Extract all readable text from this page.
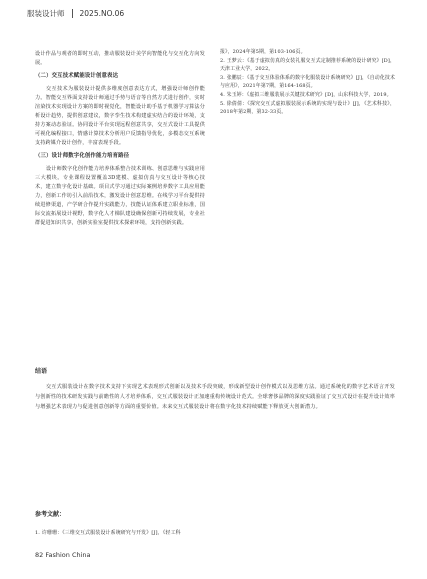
服装设计师 2025.NO.06

设计作品与观者的即时互动，推动服装设计美学向智能化与交互化方向发展。

（二）交互技术赋能设计创意表达

交互技术为服装设计提供多维度创意表达方式，增强设计师创作能力。智能交互界面支持设计师通过手势与语音等自然方式进行创作，实时渲染技术实现设计方案的即时视觉化，智能设计助手基于机器学习算法分析设计趋势，提供创意建议，数字孪生技术构建虚实结合的设计环境，支持方案动态验证。协同设计平台实现远程创意共享，交互式设计工具提供可视化编程接口，情感计算技术分析用户反馈指导优化，多模态交互系统支持跨媒介设计创作，丰富表现手段。

（三）设计师数字化创作能力培育路径

设计师数字化创作能力培养体系整合技术训练、创意思维与实践应用三大模块。专业课程设置覆盖3D建模、虚拟仿真与交互设计等核心技术，建立数字化设计基础。项目式学习通过实际案例培养数字工具应用能力，创新工作坊引入前沿技术，激发设计创意思维。在线学习平台提供持续进修渠道，产学研合作提升实践能力，技能认证体系建立职业标准，国际交流拓展设计视野，数字化人才梯队建设确保创新可持续发展，专业社群促进知识共享，创新实验室提供技术探索环境，支持创新实践。

报》，2024年第5期，第103-106页。

2. 王梦云：《基于虚拟仿真的女装礼服交互式定制推荐系统的设计研究》[D]，天津工业大学，2022。

3. 张鹏辰：《基于交互体验体系的数字化服装设计系统研究》[J]，《自动化技术与应用》，2021年第7期，第164-168页。

4. 朱玉婷：《虚拟三维服装展示关键技术研究》[D]，山东科技大学，2019。

5. 徐倩倩：《探究交互式虚拟服装展示系统的实现与设计》[J]，《艺术科技》，2018年第2期，第32-33页。

结语

交互式服装设计在数字技术支持下实现艺术表现形式创新以及技术手段突破，形成新型设计创作模式以及思维方法。通过系统化的数字艺术语言开发与创新性的技术研发实践与前瞻性的人才培养体系，交互式服装设计正加速重构传统设计范式。全球奢侈品牌的深度实践验证了交互式设计在提升设计效率与增强艺术表现力与促进创意创新等方面的重要价值。未来交互式服装设计将在数字化技术持续赋能下释放更大创新潜力。

参考文献：

1. 许珊珊：《三维交互式服装设计系统研究与开发》[J]，《轻工科

82 Fashion China
